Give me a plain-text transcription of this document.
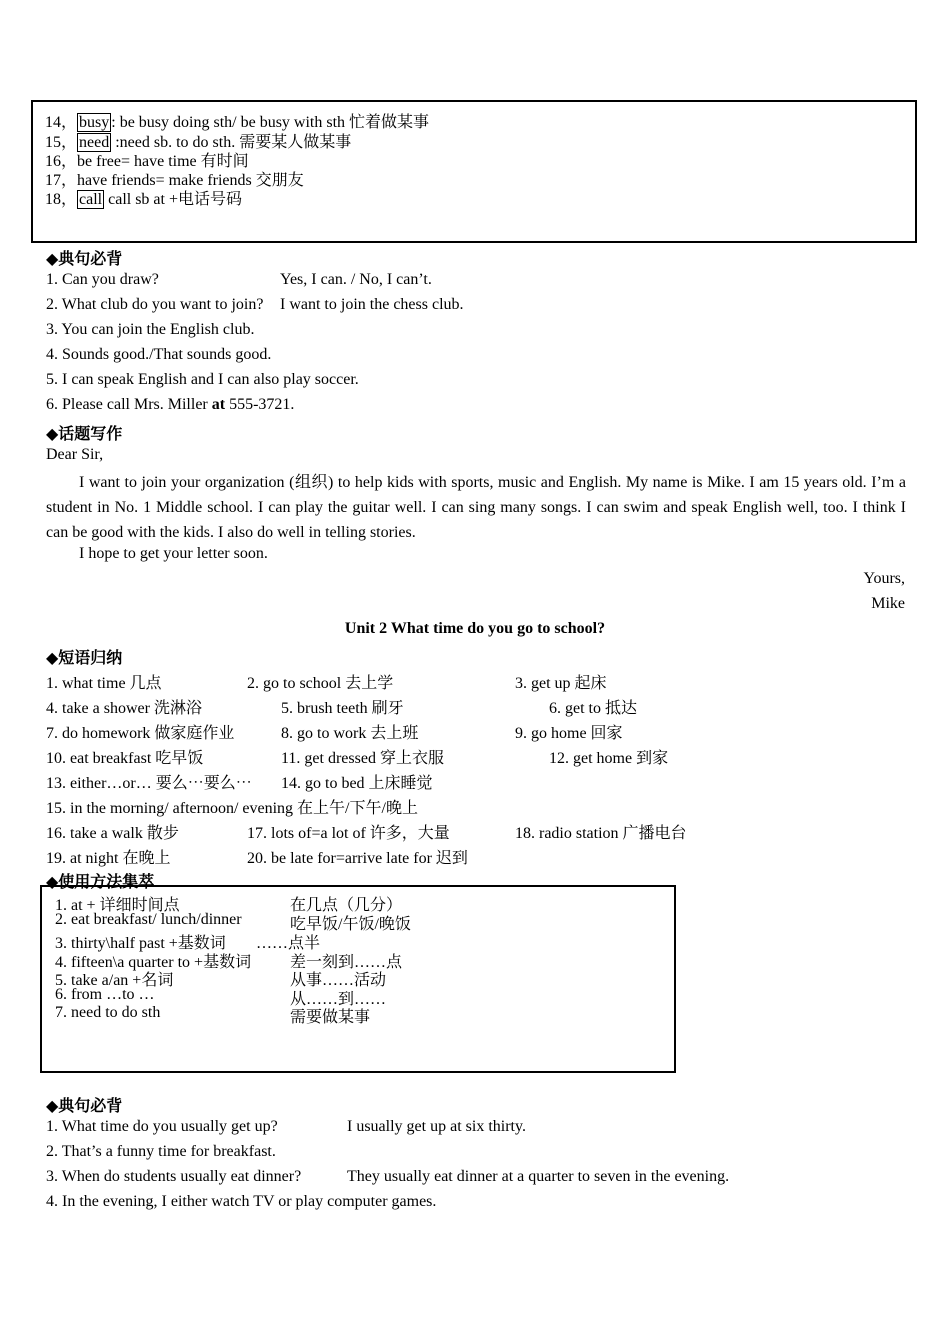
14， busy : be busy doing sth/ be busy with sth 忙着做某事
15， need :need sb. to do sth. 需要某人做某事
16，be free= have time 有时间
17，have friends= make friends 交朋友
18， call call sb at +电话号码
◆典句必背
1. Can you draw?	Yes, I can. / No, I can’t.
2. What club do you want to join? I want to join the chess club.
3. You can join the English club.
4. Sounds good./That sounds good.
5. I can speak English and I can also play soccer.
6. Please call Mrs. Miller at 555-3721.
◆话题写作
Dear Sir,
I want to join your organization (组织) to help kids with sports, music and English. My name is Mike. I am 15 years old. I’m a student in No. 1 Middle school. I can play the guitar well. I can sing many songs. I can swim and speak English well, too. I think I can be good with the kids. I also do well in telling stories.
I hope to get your letter soon.
Yours,
Mike
Unit 2 What time do you go to school?
◆短语归纳
1. what time 几点	2. go to school 去上学	3. get up 起床
4. take a shower 洗淋浴	5. brush teeth 刷牙	6. get to 抵达
7. do homework 做家庭作业	8. go to work 去上班	9. go home 回家
10. eat breakfast 吃早饭	11. get dressed 穿上衣服	12. get home 到家
13. either…or… 要么⋯要么⋯ 14. go to bed 上床睡觉
15. in the morning/ afternoon/ evening 在上午/下午/晚上
16. take a walk 散步	17. lots of=a lot of 许多，大量	18. radio station 广播电台
19. at night 在晚上	20. be late for=arrive late for 迟到
◆使用方法集萃
1. at + 详细时间点	在几点（几分）
2. eat breakfast/ lunch/dinner	吃早饭/午饭/晚饭
3. thirty\half past +基数词 ……点半
4. fifteen\a quarter to +基数词 差一刻到……点
5. take a/an +名词	从事……活动
6. from …to …	从……到……
7. need to do sth	需要做某事
◆典句必背
1. What time do you usually get up?	I usually get up at six thirty.
2. That’s a funny time for breakfast.
3. When do students usually eat dinner?	They usually eat dinner at a quarter to seven in the evening.
4. In the evening, I either watch TV or play computer games.
